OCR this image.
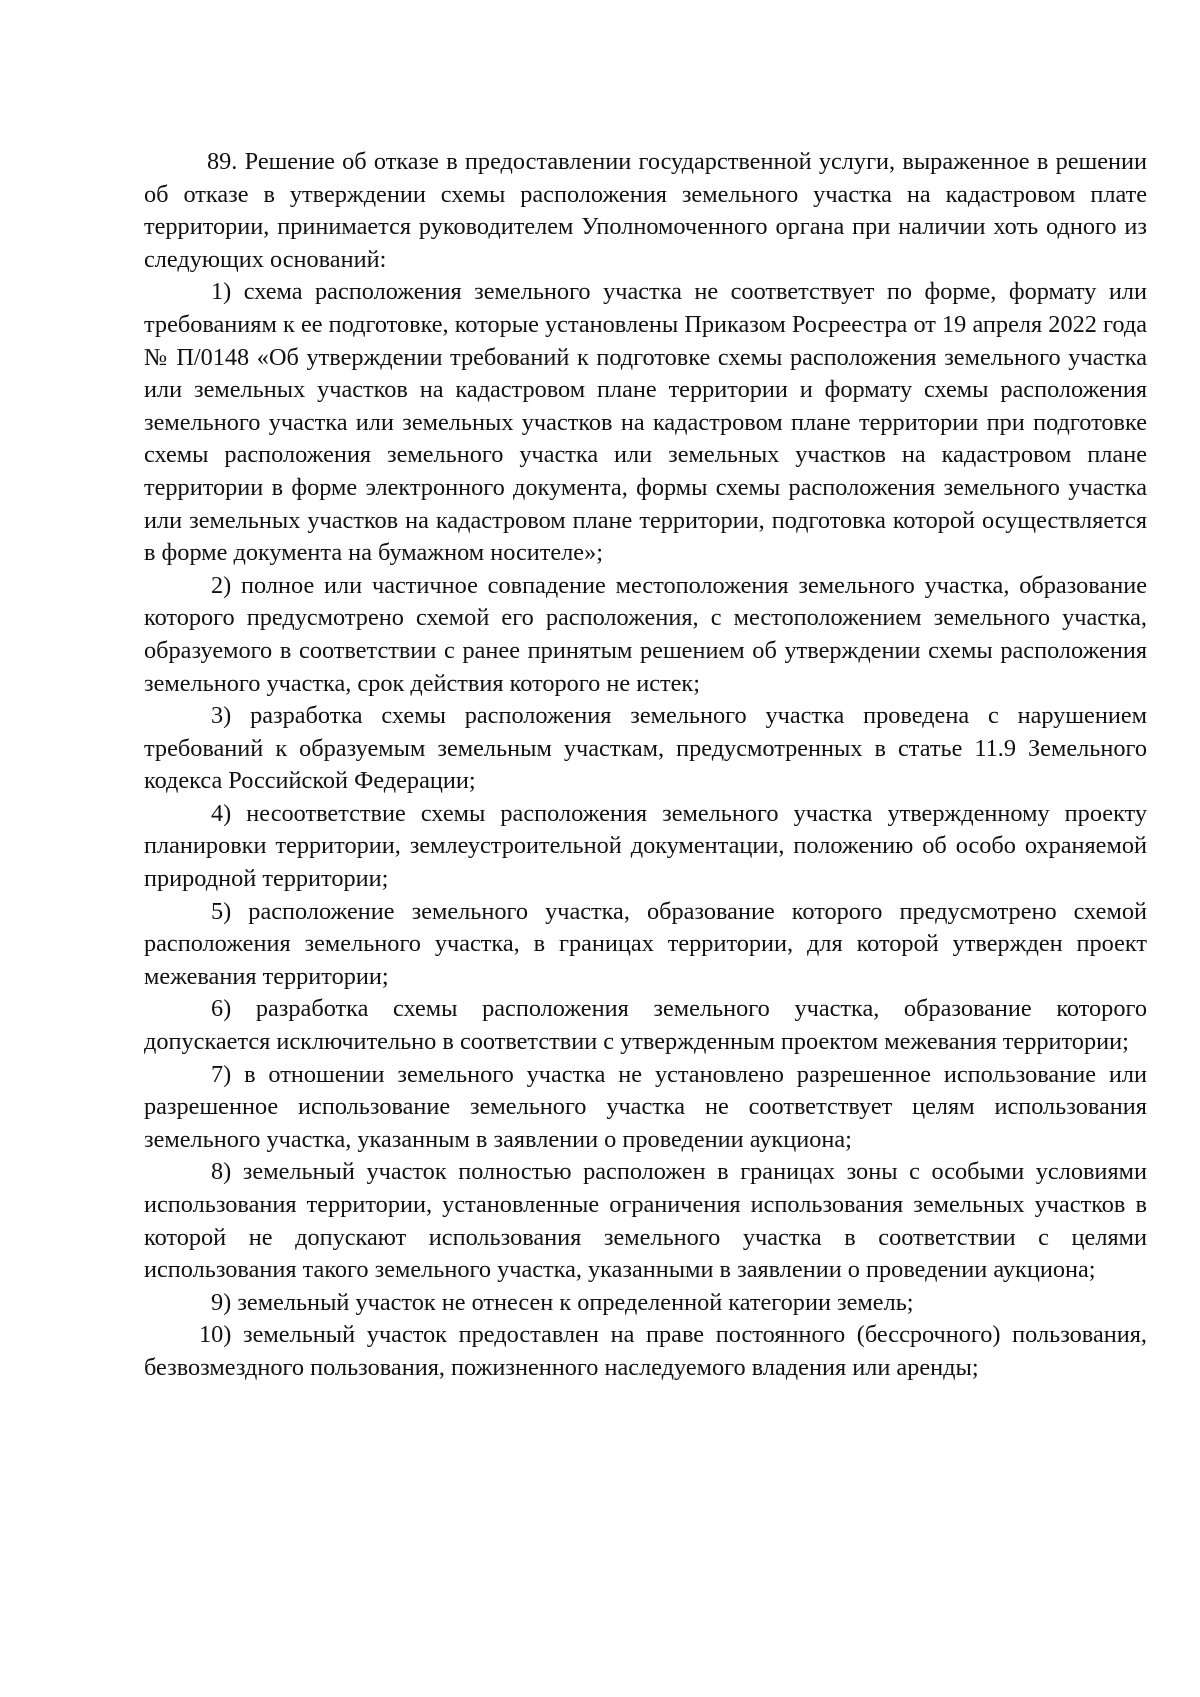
89. Решение об отказе в предоставлении государственной услуги, выраженное в решении об отказе в утверждении схемы расположения земельного участка на кадастровом плате территории, принимается руководителем Уполномоченного органа при наличии хоть одного из следующих оснований:

1) схема расположения земельного участка не соответствует по форме, формату или требованиям к ее подготовке, которые установлены Приказом Росреестра от 19 апреля 2022 года № П/0148 «Об утверждении требований к подготовке схемы расположения земельного участка или земельных участков на кадастровом плане территории и формату схемы расположения земельного участка или земельных участков на кадастровом плане территории при подготовке схемы расположения земельного участка или земельных участков на кадастровом плане территории в форме электронного документа, формы схемы расположения земельного участка или земельных участков на кадастровом плане территории, подготовка которой осуществляется в форме документа на бумажном носителе»;

2) полное или частичное совпадение местоположения земельного участка, образование которого предусмотрено схемой его расположения, с местоположением земельного участка, образуемого в соответствии с ранее принятым решением об утверждении схемы расположения земельного участка, срок действия которого не истек;

3) разработка схемы расположения земельного участка проведена с нарушением требований к образуемым земельным участкам, предусмотренных в статье 11.9 Земельного кодекса Российской Федерации;

4) несоответствие схемы расположения земельного участка утвержденному проекту планировки территории, землеустроительной документации, положению об особо охраняемой природной территории;

5) расположение земельного участка, образование которого предусмотрено схемой расположения земельного участка, в границах территории, для которой утвержден проект межевания территории;

6) разработка схемы расположения земельного участка, образование которого допускается исключительно в соответствии с утвержденным проектом межевания территории;

7) в отношении земельного участка не установлено разрешенное использование или разрешенное использование земельного участка не соответствует целям использования земельного участка, указанным в заявлении о проведении аукциона;

8) земельный участок полностью расположен в границах зоны с особыми условиями использования территории, установленные ограничения использования земельных участков в которой не допускают использования земельного участка в соответствии с целями использования такого земельного участка, указанными в заявлении о проведении аукциона;

9) земельный участок не отнесен к определенной категории земель;

10) земельный участок предоставлен на праве постоянного (бессрочного) пользования, безвозмездного пользования, пожизненного наследуемого владения или аренды;
